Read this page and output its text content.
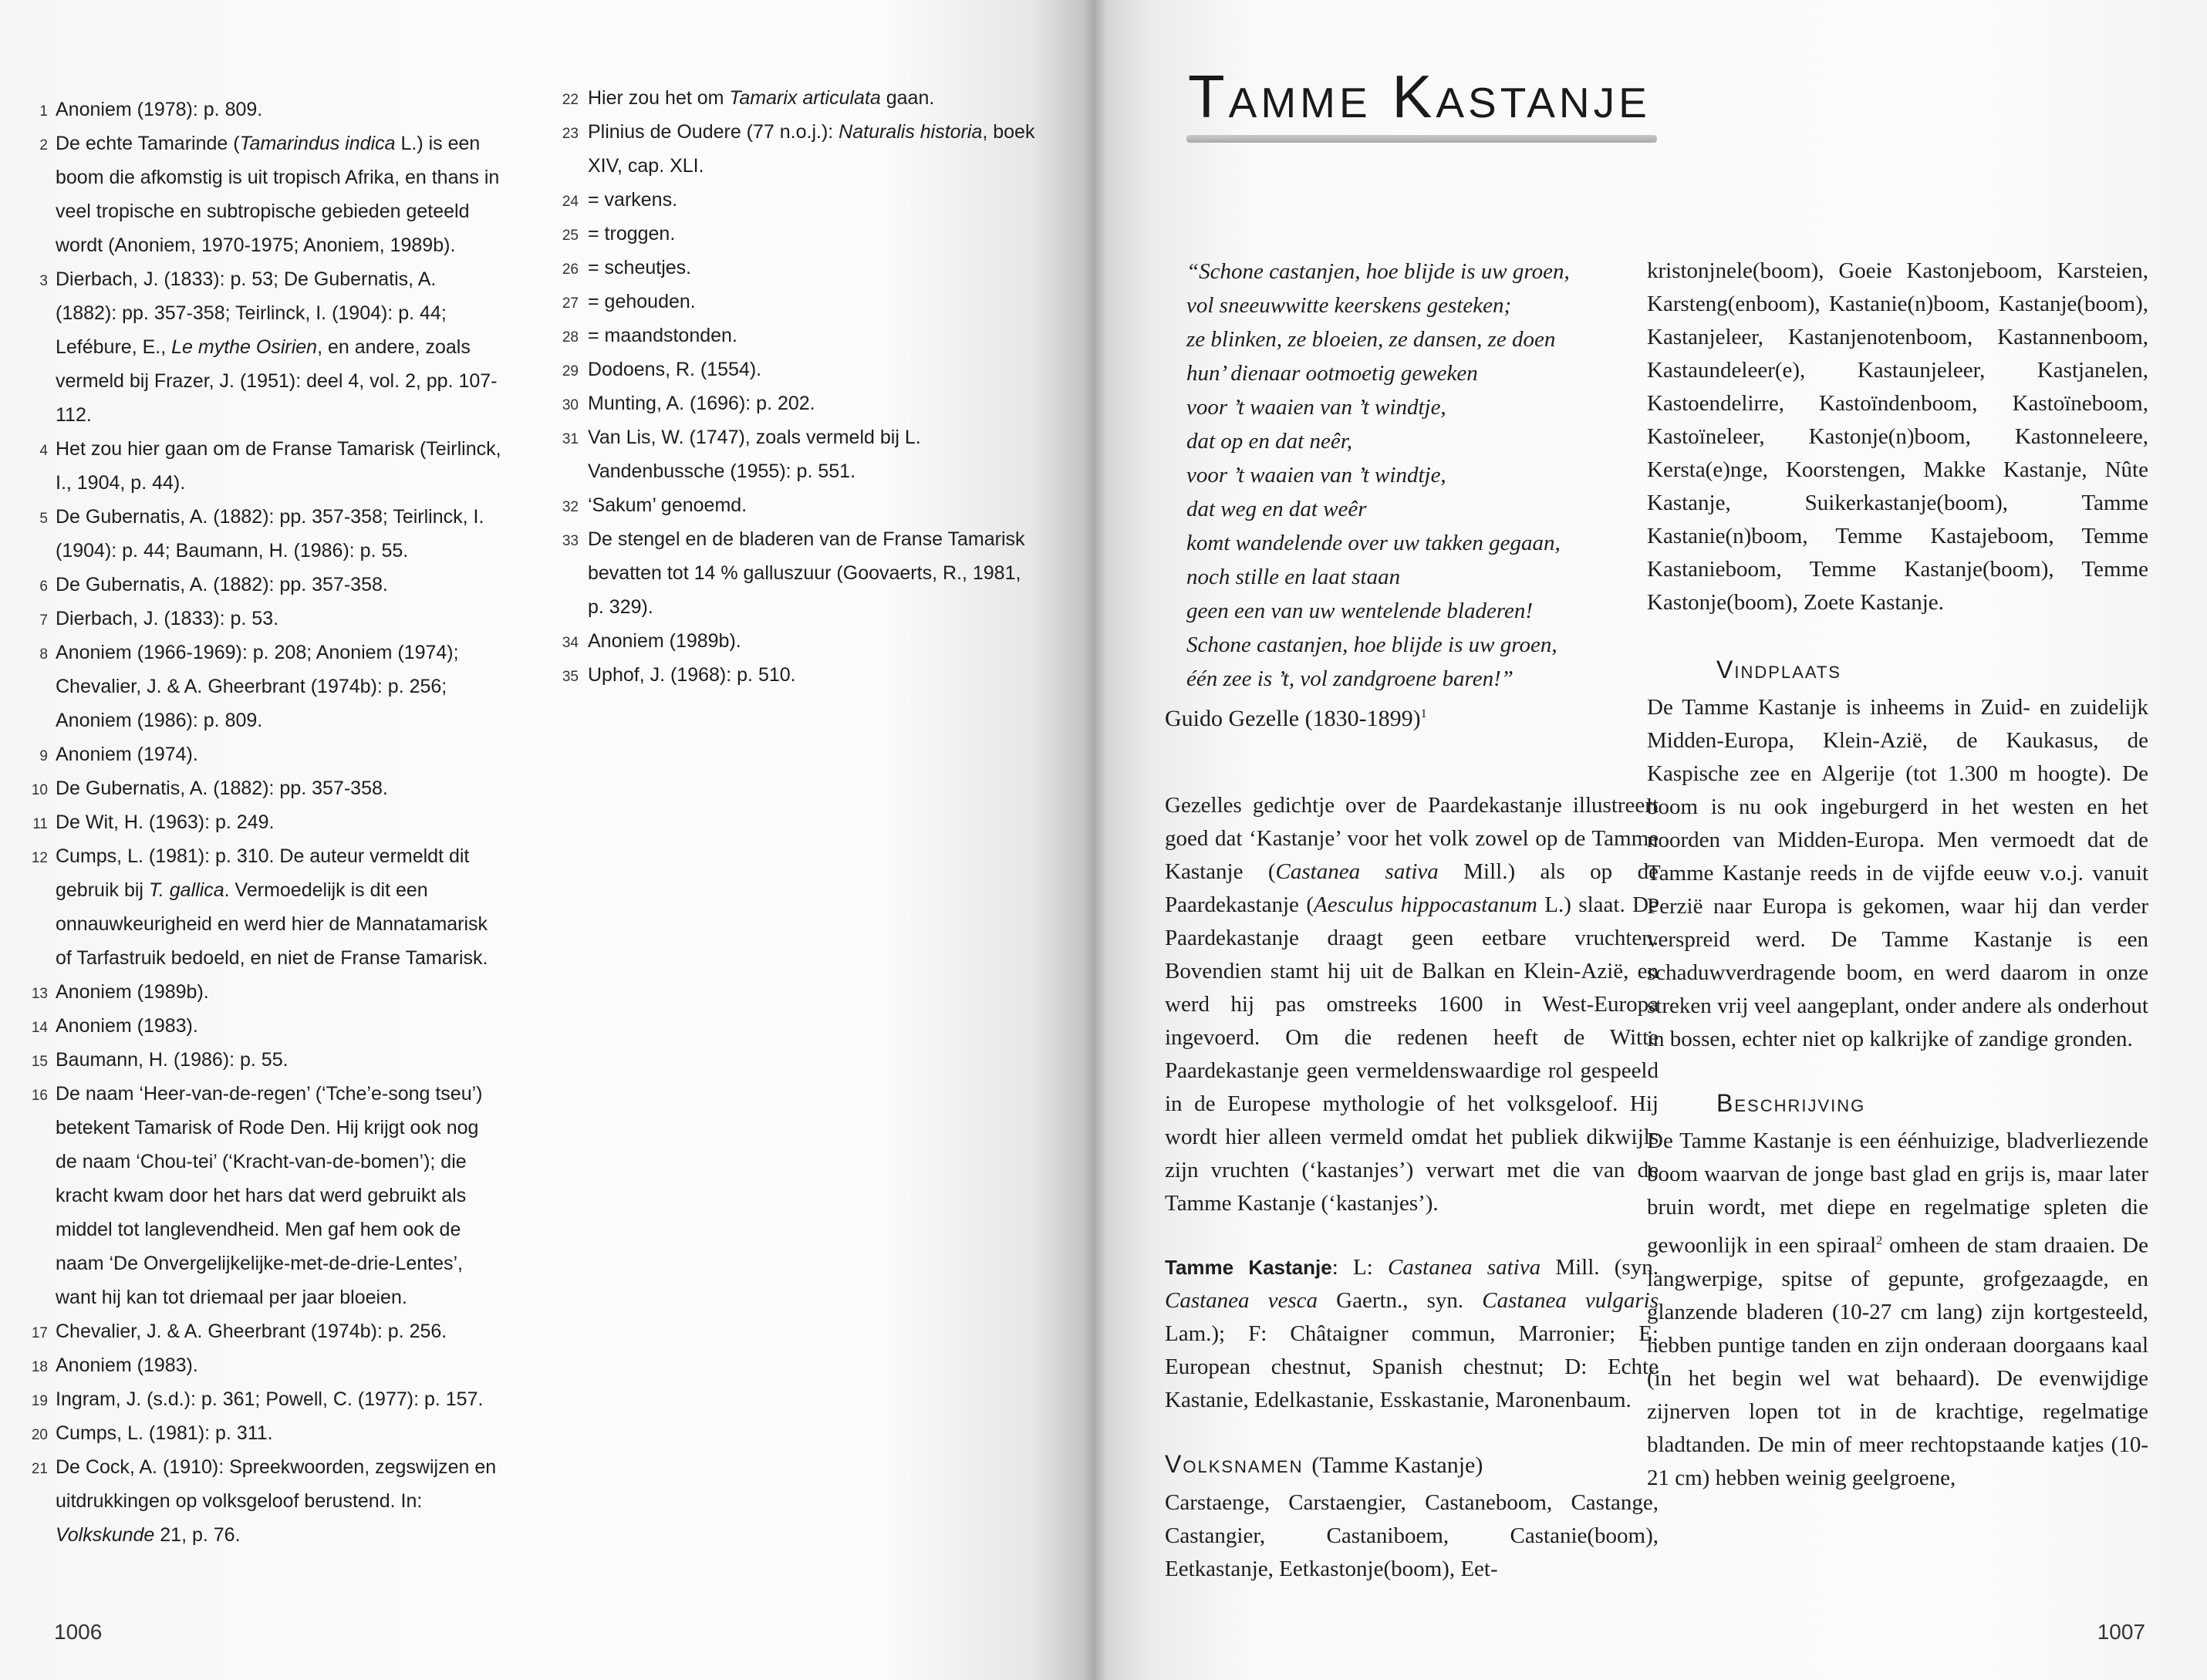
1 Anoniem (1978): p. 809.
2 De echte Tamarinde (Tamarindus indica L.) is een boom die afkomstig is uit tropisch Afrika, en thans in veel tropische en subtropische gebieden geteeld wordt (Anoniem, 1970-1975; Anoniem, 1989b).
3 Dierbach, J. (1833): p. 53; De Gubernatis, A. (1882): pp. 357-358; Teirlinck, I. (1904): p. 44; Lefébure, E., Le mythe Osirien, en andere, zoals vermeld bij Frazer, J. (1951): deel 4, vol. 2, pp. 107-112.
4 Het zou hier gaan om de Franse Tamarisk (Teirlinck, I., 1904, p. 44).
5 De Gubernatis, A. (1882): pp. 357-358; Teirlinck, I. (1904): p. 44; Baumann, H. (1986): p. 55.
6 De Gubernatis, A. (1882): pp. 357-358.
7 Dierbach, J. (1833): p. 53.
8 Anoniem (1966-1969): p. 208; Anoniem (1974); Chevalier, J. & A. Gheerbrant (1974b): p. 256; Anoniem (1986): p. 809.
9 Anoniem (1974).
10 De Gubernatis, A. (1882): pp. 357-358.
11 De Wit, H. (1963): p. 249.
12 Cumps, L. (1981): p. 310. De auteur vermeldt dit gebruik bij T. gallica. Vermoedelijk is dit een onnauwkeurigheid en werd hier de Mannatamarisk of Tarfastruik bedoeld, en niet de Franse Tamarisk.
13 Anoniem (1989b).
14 Anoniem (1983).
15 Baumann, H. (1986): p. 55.
16 De naam ‘Heer-van-de-regen’ (‘Tche’e-song tseu’) betekent Tamarisk of Rode Den. Hij krijgt ook nog de naam ‘Chou-tei’ (‘Kracht-van-de-bomen’); die kracht kwam door het hars dat werd gebruikt als middel tot langlevendheid. Men gaf hem ook de naam ‘De Onvergelijkelijke-met-de-drie-Lentes’, want hij kan tot driemaal per jaar bloeien.
17 Chevalier, J. & A. Gheerbrant (1974b): p. 256.
18 Anoniem (1983).
19 Ingram, J. (s.d.): p. 361; Powell, C. (1977): p. 157.
20 Cumps, L. (1981): p. 311.
21 De Cock, A. (1910): Spreekwoorden, zegswijzen en uitdrukkingen op volksgeloof berustend. In: Volkskunde 21, p. 76.
22 Hier zou het om Tamarix articulata gaan.
23 Plinius de Oudere (77 n.o.j.): Naturalis historia, boek XIV, cap. XLI.
24 = varkens.
25 = troggen.
26 = scheutjes.
27 = gehouden.
28 = maandstonden.
29 Dodoens, R. (1554).
30 Munting, A. (1696): p. 202.
31 Van Lis, W. (1747), zoals vermeld bij L. Vandenbussche (1955): p. 551.
32 ‘Sakum’ genoemd.
33 De stengel en de bladeren van de Franse Tamarisk bevatten tot 14 % galluszuur (Goovaerts, R., 1981, p. 329).
34 Anoniem (1989b).
35 Uphof, J. (1968): p. 510.
1006
Tamme Kastanje
“Schone castanjen, hoe blijde is uw groen,
vol sneeuwwitte keerskens gesteken;
ze blinken, ze bloeien, ze dansen, ze doen
hun’ dienaar ootmoetig geweken
voor ’t waaien van ’t windtje,
dat op en dat neêr,
voor ’t waaien van ’t windtje,
dat weg en dat weêr
komt wandelende over uw takken gegaan,
noch stille en laat staan
geen een van uw wentelende bladeren!
Schone castanjen, hoe blijde is uw groen,
één zee is ’t, vol zandgroene baren!”
Guido Gezelle (1830-1899)$^1$

Gezelles gedichtje over de Paardekastanje illustreert goed dat ‘Kastanje’ voor het volk zowel op de Tamme Kastanje (Castanea sativa Mill.) als op de Paardekastanje (Aesculus hippocastanum L.) slaat. De Paardekastanje draagt geen eetbare vruchten. Bovendien stamt hij uit de Balkan en Klein-Azië, en werd hij pas omstreeks 1600 in West-Europa ingevoerd. Om die redenen heeft de Witte Paardekastanje geen vermeldenswaardige rol gespeeld in de Europese mythologie of het volksgeloof. Hij wordt hier alleen vermeld omdat het publiek dikwijls zijn vruchten (‘kastanjes’) verwart met die van de Tamme Kastanje (‘kastanjes’).

Tamme Kastanje: L: Castanea sativa Mill. (syn. Castanea vesca Gaertn., syn. Castanea vulgaris Lam.); F: Châtaigner commun, Marronier; E: European chestnut, Spanish chestnut; D: Echte Kastanie, Edelkastanie, Esskastanie, Maronenbaum.

Volksnamen (Tamme Kastanje)

Carstaenge, Carstaengier, Castaneboom, Castange, Castangier, Castaniboem, Castanie(boom), Eetkastanje, Eetkastonje(boom), Eet-

kristonjnele(boom), Goeie Kastonjeboom, Karsteien, Karsteng(enboom), Kastanie(n)boom, Kastanje(boom), Kastanjeleer, Kastanjenotenboom, Kastannenboom, Kastaundeleer(e), Kastaunjeleer, Kastjanelen, Kastoendelirre, Kastoïndenboom, Kastoïneboom, Kastoïneleer, Kastonje(n)boom, Kastonneleere, Kersta(e)nge, Koorstengen, Makke Kastanje, Nûte Kastanje, Suikerkastanje(boom), Tamme Kastanie(n)boom, Temme Kastajeboom, Temme Kastanieboom, Temme Kastanje(boom), Temme Kastonje(boom), Zoete Kastanje.

Vindplaats

De Tamme Kastanje is inheems in Zuid- en zuidelijk Midden-Europa, Klein-Azië, de Kaukasus, de Kaspische zee en Algerije (tot 1.300 m hoogte). De boom is nu ook ingeburgerd in het westen en het noorden van Midden-Europa. Men vermoedt dat de Tamme Kastanje reeds in de vijfde eeuw v.o.j. vanuit Perzië naar Europa is gekomen, waar hij dan verder verspreid werd. De Tamme Kastanje is een schaduwverdragende boom, en werd daarom in onze streken vrij veel aangeplant, onder andere als onderhout in bossen, echter niet op kalkrijke of zandige gronden.

Beschrijving

De Tamme Kastanje is een éénhuizige, bladverliezende boom waarvan de jonge bast glad en grijs is, maar later bruin wordt, met diepe en regelmatige spleten die gewoonlijk in een spiraal$^2$ omheen de stam draaien. De langwerpige, spitse of gepunte, grofgezaagde, en glanzende bladeren (10-27 cm lang) zijn kortgesteeld, hebben puntige tanden en zijn onderaan doorgaans kaal (in het begin wel wat behaard). De evenwijdige zijnerven lopen tot in de krachtige, regelmatige bladtanden. De min of meer rechtopstaande katjes (10-21 cm) hebben weinig geelgroene,

1007
